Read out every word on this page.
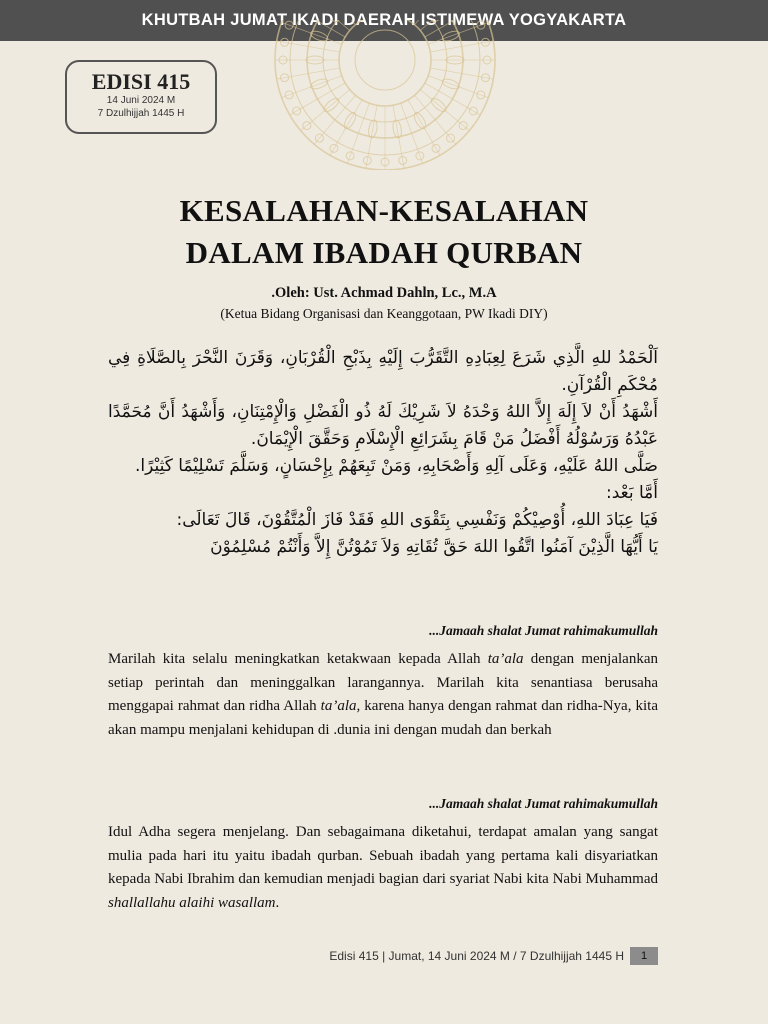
KHUTBAH JUMAT IKADI DAERAH ISTIMEWA YOGYAKARTA
EDISI 415
14 Juni 2024 M
7 Dzulhijjah 1445 H
KESALAHAN-KESALAHAN
DALAM IBADAH QURBAN
.Oleh: Ust. Achmad Dahln, Lc., M.A
(Ketua Bidang Organisasi dan Keanggotaan, PW Ikadi DIY)

اَلْحَمْدُ للهِ الَّذِي شَرَعَ لِعِبَادِهِ التَّقَرُّبَ إِلَيْهِ بِذَبْحِ الْقُرْبَانِ، وَقَرَنَ النَّحْرَ بِالصَّلَاةِ فِي مُحْكَمِ الْقُرْآنِ.

أَشْهَدُ أَنْ لاَ إِلَهَ إِلاَّ اللهُ وَحْدَهُ لاَ شَرِيْكَ لَهُ ذُو الْفَضْلِ وَالْإِمْتِنَانِ، وَأَشْهَدُ أَنَّ مُحَمَّدًا عَبْدُهُ وَرَسُوْلُهُ أَفْضَلُ مَنْ قَامَ بِشَرَائِعِ الْإِسْلَامِ وَحَقَّقَ الْإِيْمَانَ.

صَلَّى اللهُ عَلَيْهِ، وَعَلَى آلِهِ وَأَصْحَابِهِ، وَمَنْ تَبِعَهُمْ بِإِحْسَانٍ، وَسَلَّمَ تَسْلِيْمًا كَثِيْرًا.

أَمَّا بَعْد:

فَيَا عِبَادَ اللهِ، أُوْصِيْكُمْ وَنَفْسِي بِتَقْوَى اللهِ فَقَدْ فَازَ الْمُتَّقُوْنَ، قَالَ تَعَالَى:

يَا أَيُّهَا الَّذِيْنَ آمَنُوا اتَّقُوا اللهَ حَقَّ تُقَاتِهِ وَلاَ تَمُوْتُنَّ إِلاَّ وَأَنْتُمْ مُسْلِمُوْنَ

...Jamaah shalat Jumat rahimakumullah

Marilah kita selalu meningkatkan ketakwaan kepada Allah ta’ala dengan menjalankan setiap perintah dan meninggalkan larangannya. Marilah kita senantiasa berusaha menggapai rahmat dan ridha Allah ta’ala, karena hanya dengan rahmat dan ridha-Nya, kita akan mampu menjalani kehidupan di .dunia ini dengan mudah dan berkah

...Jamaah shalat Jumat rahimakumullah

Idul Adha segera menjelang. Dan sebagaimana diketahui, terdapat amalan yang sangat mulia pada hari itu yaitu ibadah qurban. Sebuah ibadah yang pertama kali disyariatkan kepada Nabi Ibrahim dan kemudian menjadi bagian dari syariat Nabi kita Nabi Muhammad shallallahu alaihi wasallam.

Edisi 415 | Jumat, 14 Juni 2024 M / 7 Dzulhijjah 1445 H	1
